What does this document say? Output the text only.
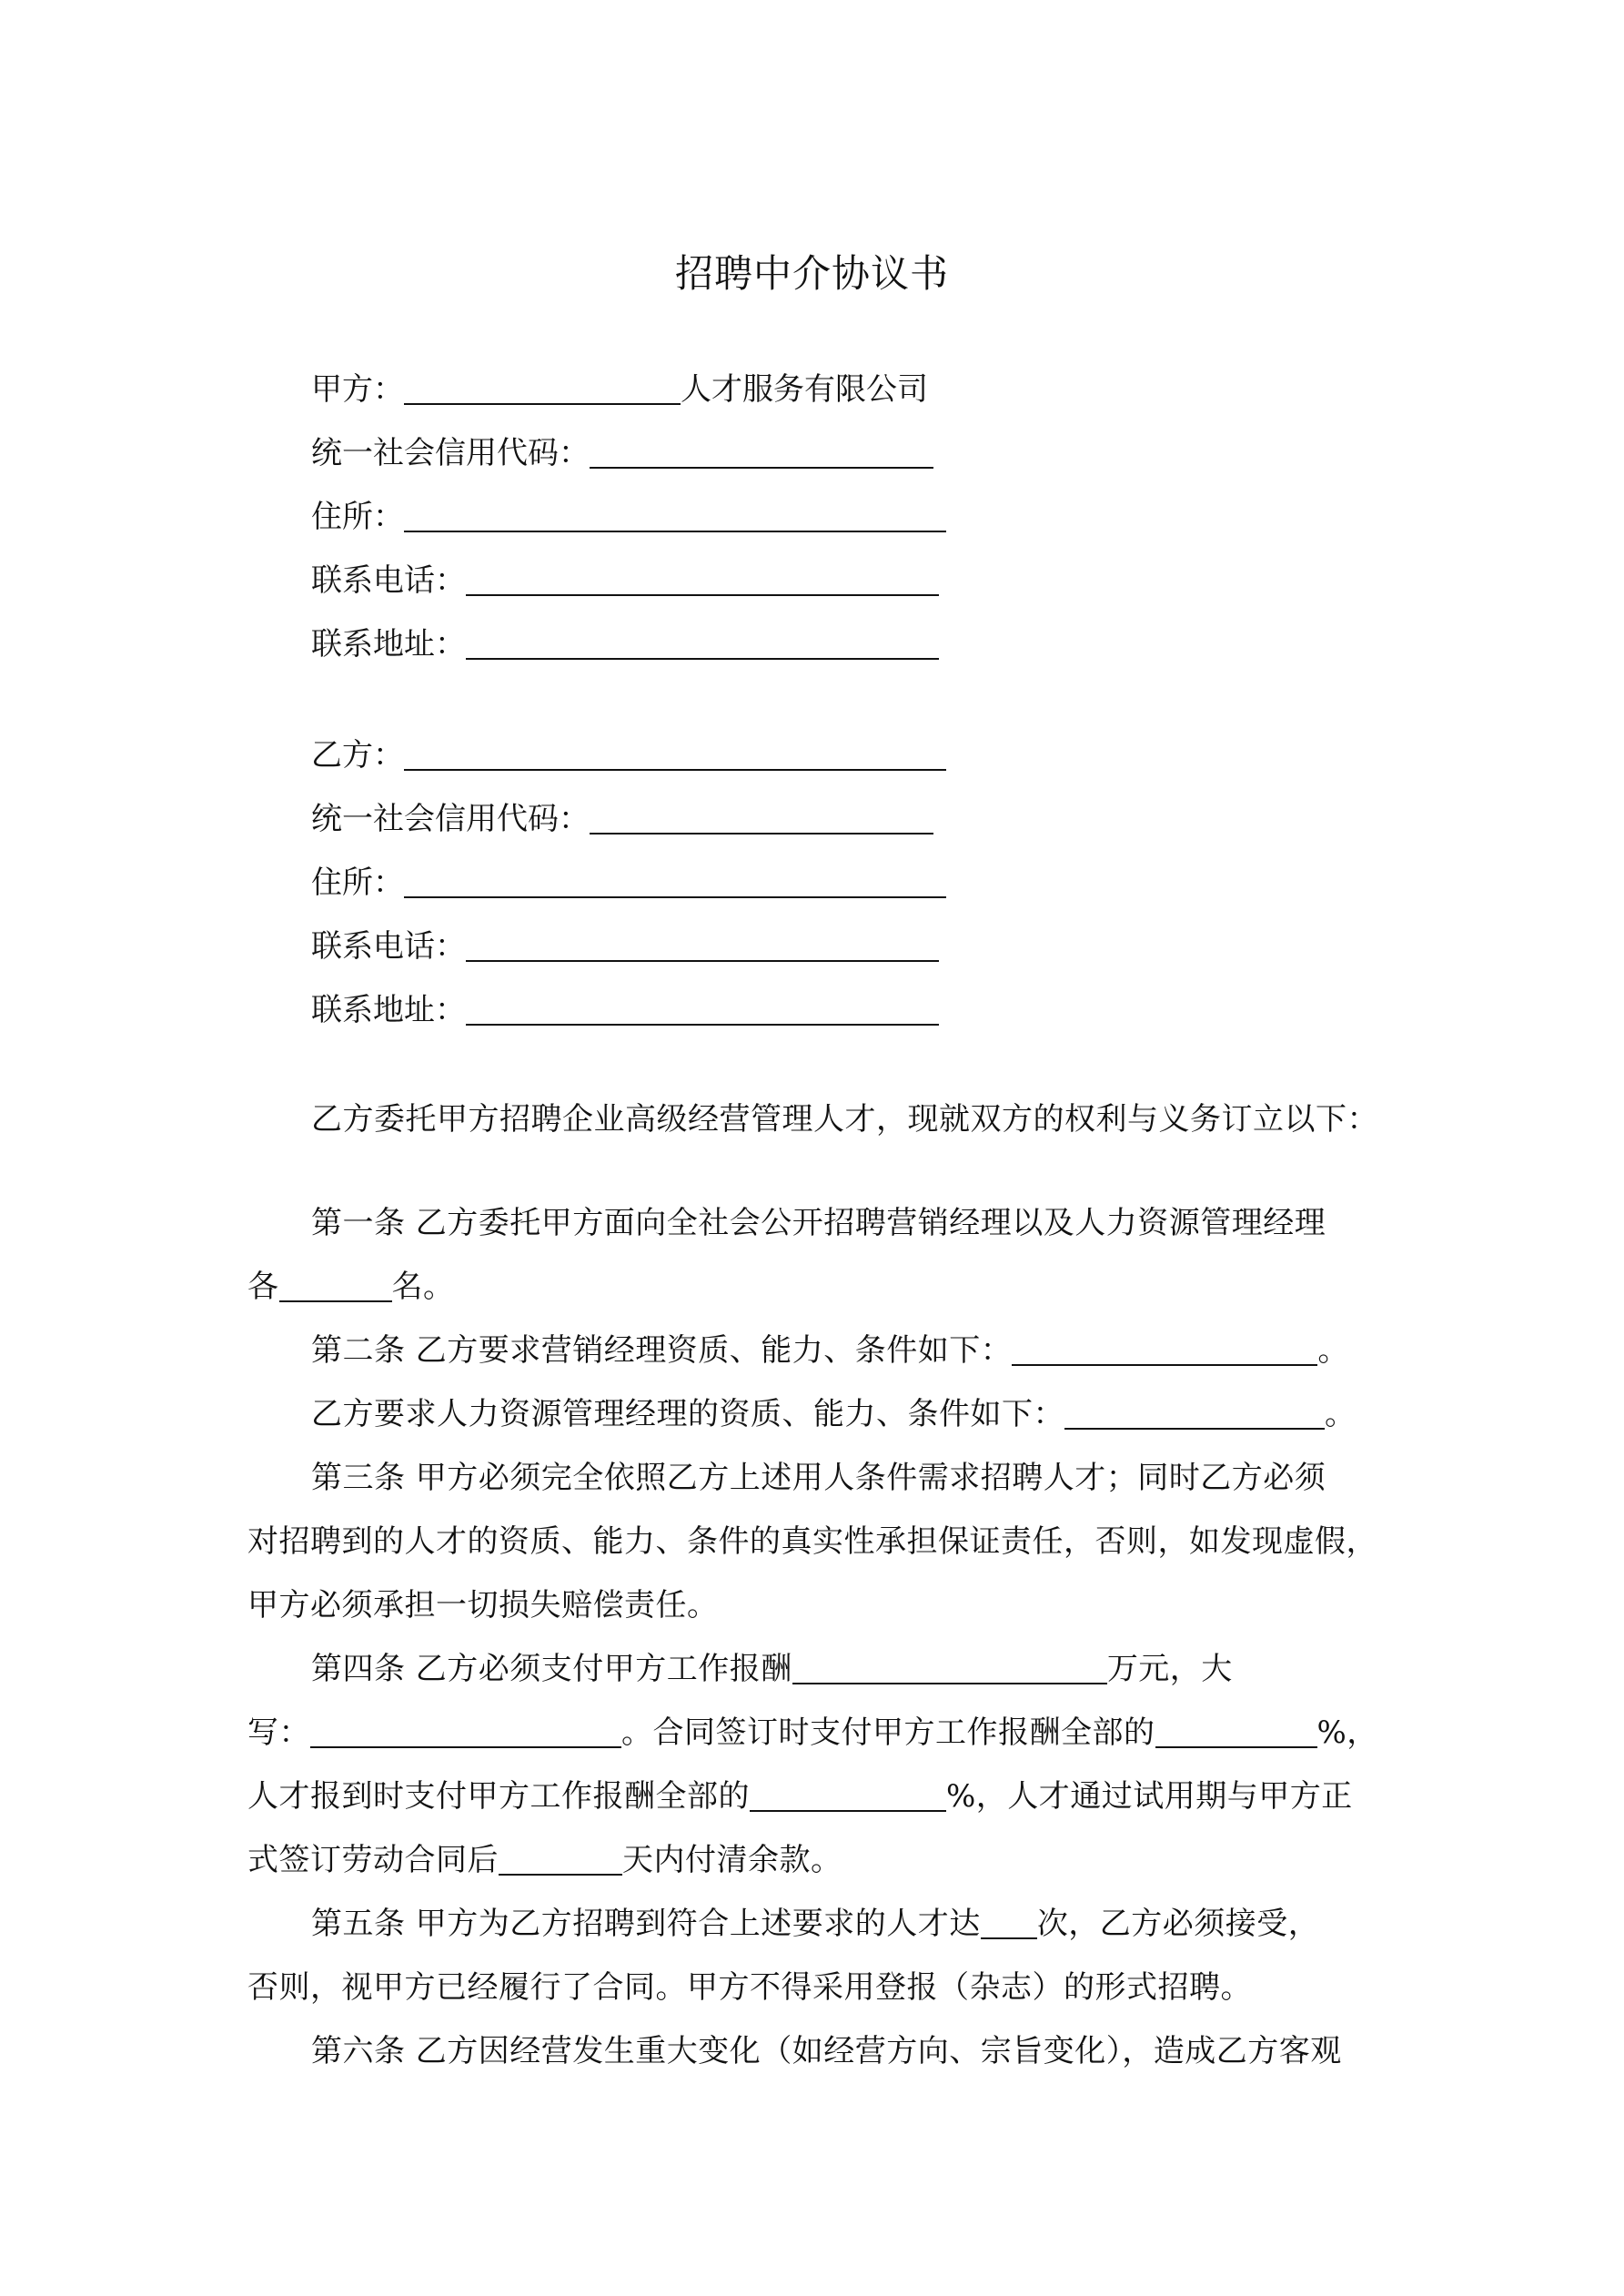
招聘中介协议书
甲方：	人才服务有限公司
统一社会信用代码：
住所：
联系电话：
联系地址：
乙方：
统一社会信用代码：
住所：
联系电话：
联系地址：
乙方委托甲方招聘企业高级经营管理人才，现就双方的权利与义务订立以下：
第一条 乙方委托甲方面向全社会公开招聘营销经理以及人力资源管理经理
各	名。
第二条 乙方要求营销经理资质、能力、条件如下：	。
乙方要求人力资源管理经理的资质、能力、条件如下：	。
第三条 甲方必须完全依照乙方上述用人条件需求招聘人才；同时乙方必须
对招聘到的人才的资质、能力、条件的真实性承担保证责任，否则，如发现虚假，
甲方必须承担一切损失赔偿责任。
第四条 乙方必须支付甲方工作报酬	万元，大
写：	。合同签订时支付甲方工作报酬全部的	%，
人才报到时支付甲方工作报酬全部的	%，人才通过试用期与甲方正
式签订劳动合同后	天内付清余款。
第五条 甲方为乙方招聘到符合上述要求的人才达 次，乙方必须接受，
否则，视甲方已经履行了合同。甲方不得采用登报（杂志）的形式招聘。
第六条 乙方因经营发生重大变化（如经营方向、宗旨变化），造成乙方客观
